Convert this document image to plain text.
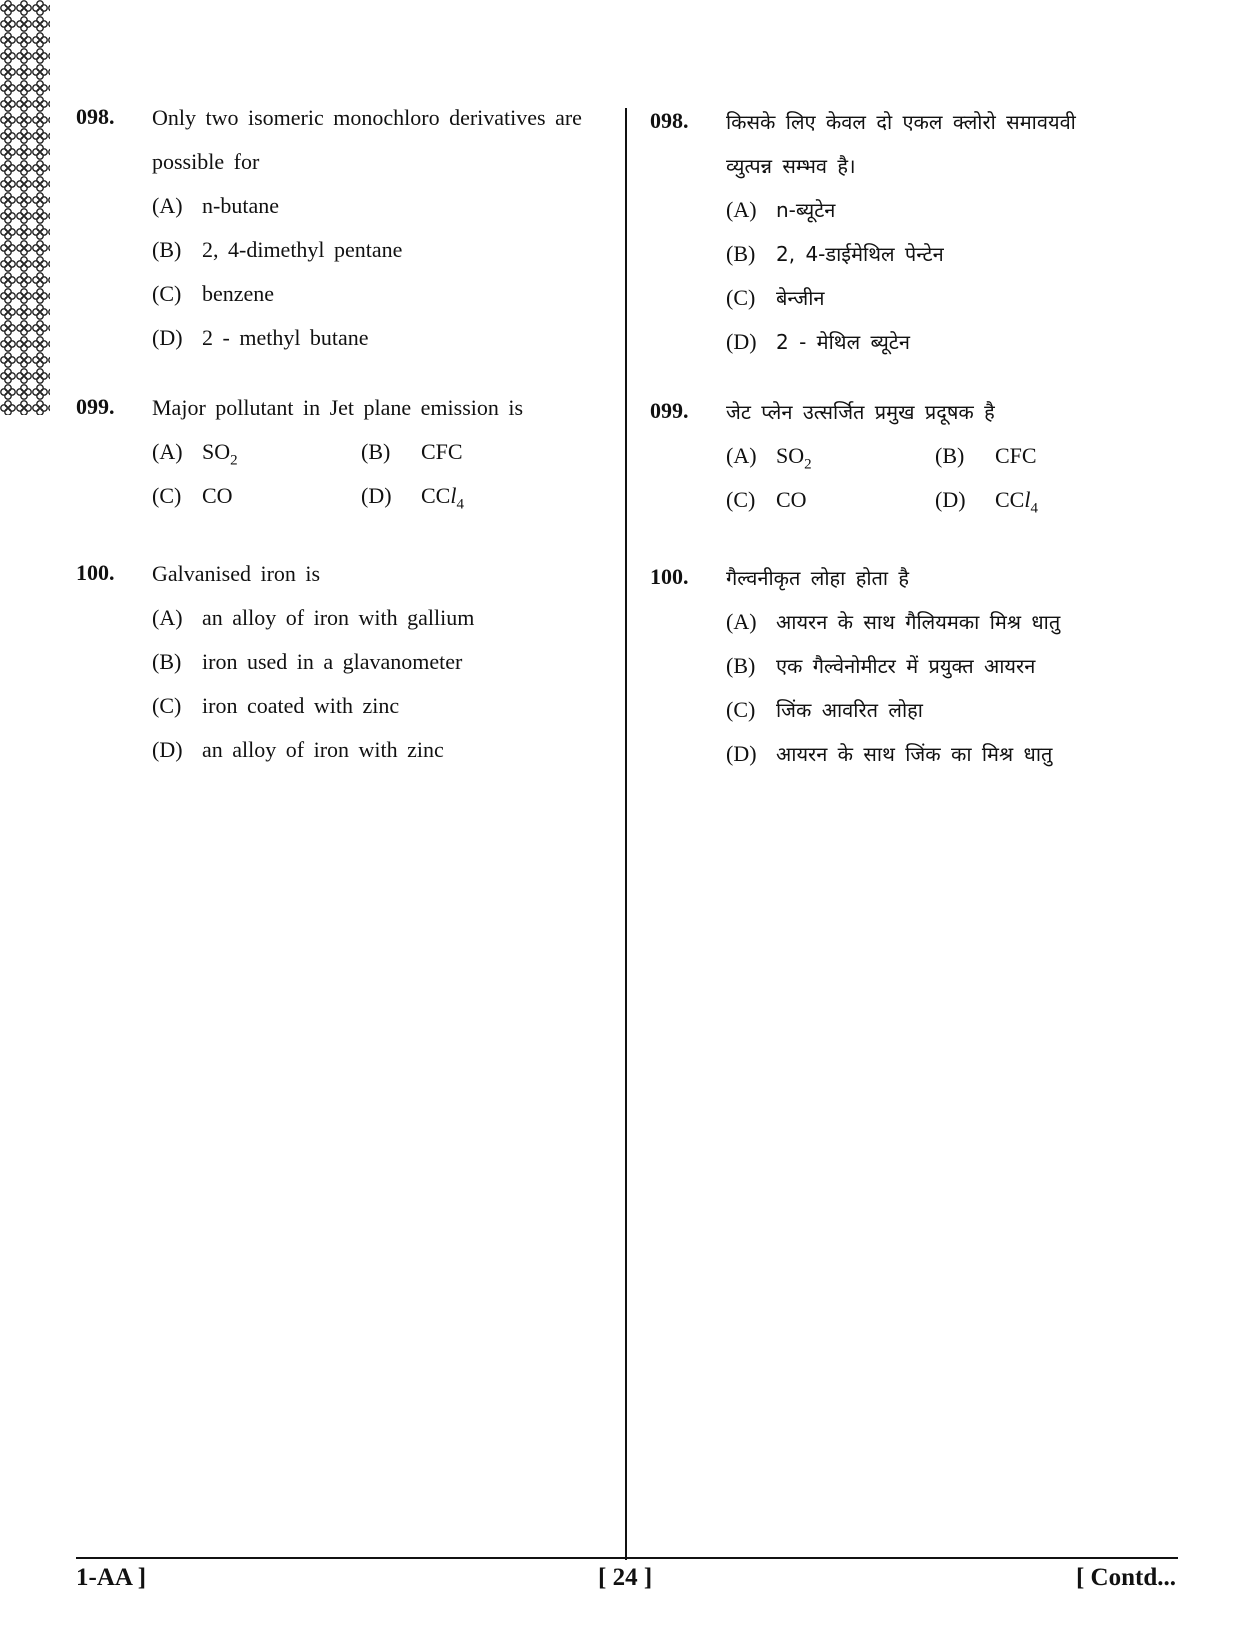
098. Only two isomeric monochloro derivatives are
possible for
(A) n-butane
(B) 2, 4-dimethyl pentane
(C) benzene
(D) 2 - methyl butane
099. Major pollutant in Jet plane emission is
(A) $SO_2$	(B) CFC
(C) CO	(D) CCl$_4$
100. Galvanised iron is
(A) an alloy of iron with gallium
(B) iron used in a glavanometer
(C) iron coated with zinc
(D) an alloy of iron with zinc
098. किसके लिए केवल दो एकल क्लोरो समावयवी
व्युत्पन्न सम्भव है।
(A) n-ब्यूटेन
(B) 2, 4-डाईमेथिल पेन्टेन
(C) बेन्जीन
(D) 2 - मेथिल ब्यूटेन
099. जेट प्लेन उत्सर्जित प्रमुख प्रदूषक है
(A) $SO_2$	(B) CFC
(C) CO	(D) CCl$_4$
100. गैल्वनीकृत लोहा होता है
(A) आयरन के साथ गैलियमका मिश्र धातु
(B) एक गैल्वेनोमीटर में प्रयुक्त आयरन
(C) जिंक आवरित लोहा
(D) आयरन के साथ जिंक का मिश्र धातु
1-AA ]	[ 24 ]	[ Contd...
